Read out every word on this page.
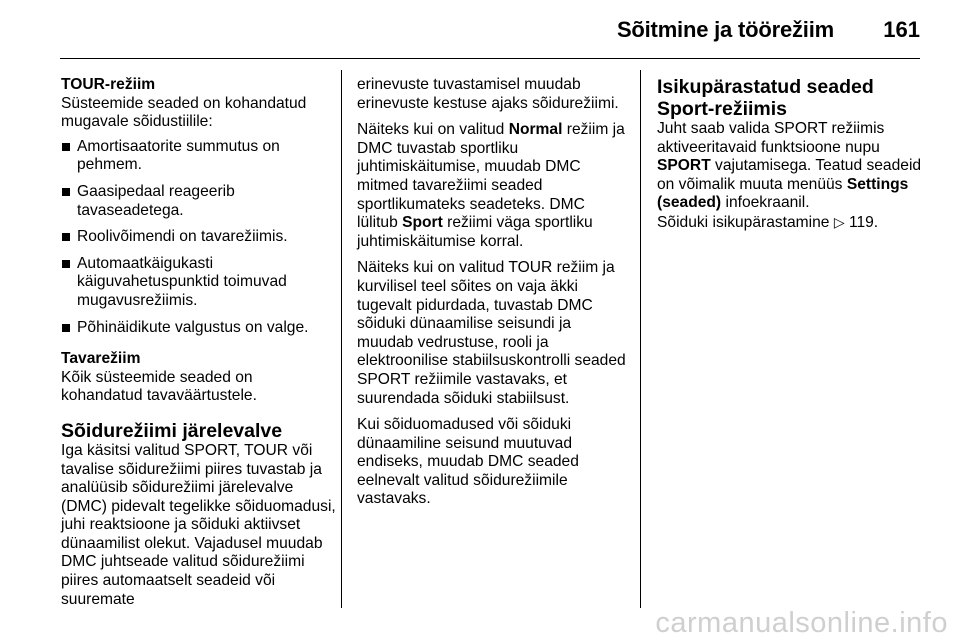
Sõitmine ja töörežiim 161
TOUR-režiim

Süsteemide seaded on kohandatud mugavale sõidustiilile:

Amortisaatorite summutus on pehmem.
Gaasipedaal reageerib tavaseadetega.
Roolivõimendi on tavarežiimis.
Automaatkäigukasti käiguvahetuspunktid toimuvad mugavusrežiimis.
Põhinäidikute valgustus on valge.
Tavarežiim

Kõik süsteemide seaded on kohandatud tavaväärtustele.

Sõidurežiimi järelevalve

Iga käsitsi valitud SPORT, TOUR või tavalise sõidurežiimi piires tuvastab ja analüüsib sõidurežiimi järelevalve (DMC) pidevalt tegelikke sõiduomadusi, juhi reaktsioone ja sõiduki aktiivset dünaamilist olekut. Vajadusel muudab DMC juhtseade valitud sõidurežiimi piires automaatselt seadeid või suuremate

erinevuste tuvastamisel muudab erinevuste kestuse ajaks sõidurežiimi.

Näiteks kui on valitud Normal režiim ja DMC tuvastab sportliku juhtimiskäitumise, muudab DMC mitmed tavarežiimi seaded sportlikumateks seadeteks. DMC lülitub Sport režiimi väga sportliku juhtimiskäitumise korral.

Näiteks kui on valitud TOUR režiim ja kurvilisel teel sõites on vaja äkki tugevalt pidurdada, tuvastab DMC sõiduki dünaamilise seisundi ja muudab vedrustuse, rooli ja elektroonilise stabiilsuskontrolli seaded SPORT režiimile vastavaks, et suurendada sõiduki stabiilsust.

Kui sõiduomadused või sõiduki dünaamiline seisund muutuvad endiseks, muudab DMC seaded eelnevalt valitud sõidurežiimile vastavaks.

Isikupärastatud seaded Sport-režiimis

Juht saab valida SPORT režiimis aktiveeritavaid funktsioone nupu SPORT vajutamisega. Teatud seadeid on võimalik muuta menüüs Settings (seaded) infoekraanil.

Sõiduki isikupärastamine ▷ 119.

carmanualsonline.info
